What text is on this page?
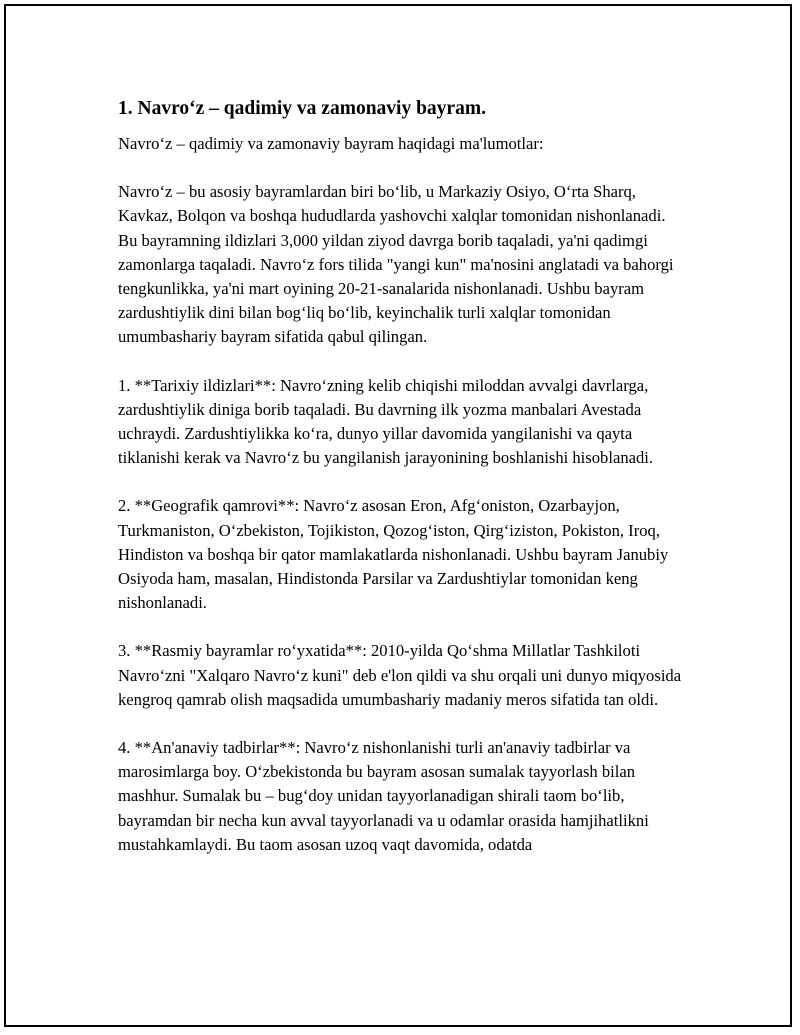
1. Navro‘z – qadimiy va zamonaviy bayram.

Navro‘z – qadimiy va zamonaviy bayram haqidagi ma'lumotlar:

Navro‘z – bu asosiy bayramlardan biri bo‘lib, u Markaziy Osiyo, O‘rta Sharq, Kavkaz, Bolqon va boshqa hududlarda yashovchi xalqlar tomonidan nishonlanadi. Bu bayramning ildizlari 3,000 yildan ziyod davrga borib taqaladi, ya'ni qadimgi zamonlarga taqaladi. Navro‘z fors tilida "yangi kun" ma'nosini anglatadi va bahorgi tengkunlikka, ya'ni mart oyining 20-21-sanalarida nishonlanadi. Ushbu bayram zardushtiylik dini bilan bog‘liq bo‘lib, keyinchalik turli xalqlar tomonidan umumbashariy bayram sifatida qabul qilingan.

1. **Tarixiy ildizlari**: Navro‘zning kelib chiqishi miloddan avvalgi davrlarga, zardushtiylik diniga borib taqaladi. Bu davrning ilk yozma manbalari Avestada uchraydi. Zardushtiylikka ko‘ra, dunyo yillar davomida yangilanishi va qayta tiklanishi kerak va Navro‘z bu yangilanish jarayonining boshlanishi hisoblanadi.

2. **Geografik qamrovi**: Navro‘z asosan Eron, Afg‘oniston, Ozarbayjon, Turkmaniston, O‘zbekiston, Tojikiston, Qozog‘iston, Qirg‘iziston, Pokiston, Iroq, Hindiston va boshqa bir qator mamlakatlarda nishonlanadi. Ushbu bayram Janubiy Osiyoda ham, masalan, Hindistonda Parsilar va Zardushtiylar tomonidan keng nishonlanadi.

3. **Rasmiy bayramlar ro‘yxatida**: 2010-yilda Qo‘shma Millatlar Tashkiloti Navro‘zni "Xalqaro Navro‘z kuni" deb e'lon qildi va shu orqali uni dunyo miqyosida kengroq qamrab olish maqsadida umumbashariy madaniy meros sifatida tan oldi.

4. **An'anaviy tadbirlar**: Navro‘z nishonlanishi turli an'anaviy tadbirlar va marosimlarga boy. O‘zbekistonda bu bayram asosan sumalak tayyorlash bilan mashhur. Sumalak bu – bug‘doy unidan tayyorlanadigan shirali taom bo‘lib, bayramdan bir necha kun avval tayyorlanadi va u odamlar orasida hamjihatlikni mustahkamlaydi. Bu taom asosan uzoq vaqt davomida, odatda
